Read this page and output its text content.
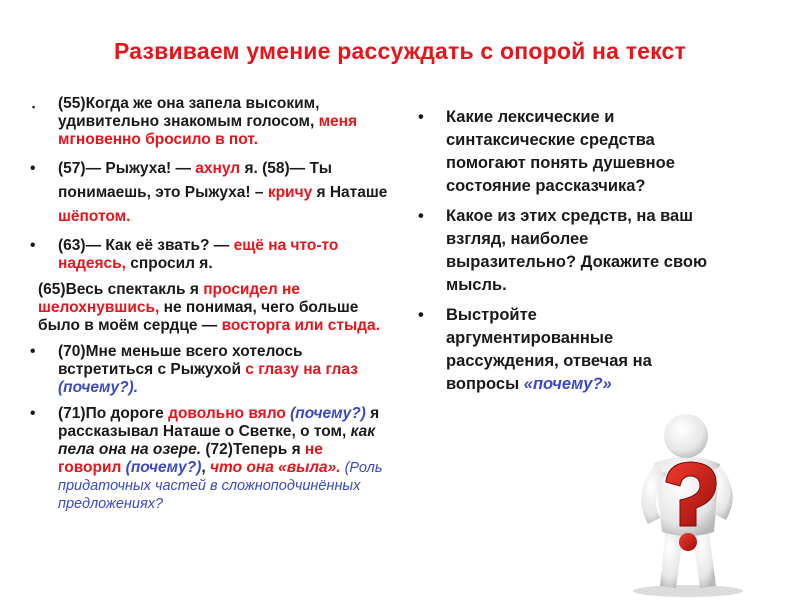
Развиваем умение рассуждать с опорой на текст
• (55)Когда же она запела высоким, удивительно знакомым голосом, меня мгновенно бросило в пот.
• (57)— Рыжуха! — ахнул я. (58)— Ты понимаешь, это Рыжуха! – кричу я Наташе шёпотом.
• (63)— Как её звать? — ещё на что-то надеясь, спросил я.
(65)Весь спектакль я просидел не шелохнувшись, не понимая, чего больше было в моём сердце — восторга или стыда.
• (70)Мне меньше всего хотелось встретиться с Рыжухой с глазу на глаз (почему?).
• (71)По дороге довольно вяло (почему?) я рассказывал Наташе о Светке, о том, как пела она на озере. (72)Теперь я не говорил (почему?), что она «выла». (Роль придаточных частей в сложноподчинённых предложениях?
• Какие лексические и синтаксические средства помогают понять душевное состояние рассказчика?
• Какое из этих средств, на ваш взгляд, наиболее выразительно? Докажите свою мысль.
• Выстройте аргументированные рассуждения, отвечая на вопросы «почему?»
